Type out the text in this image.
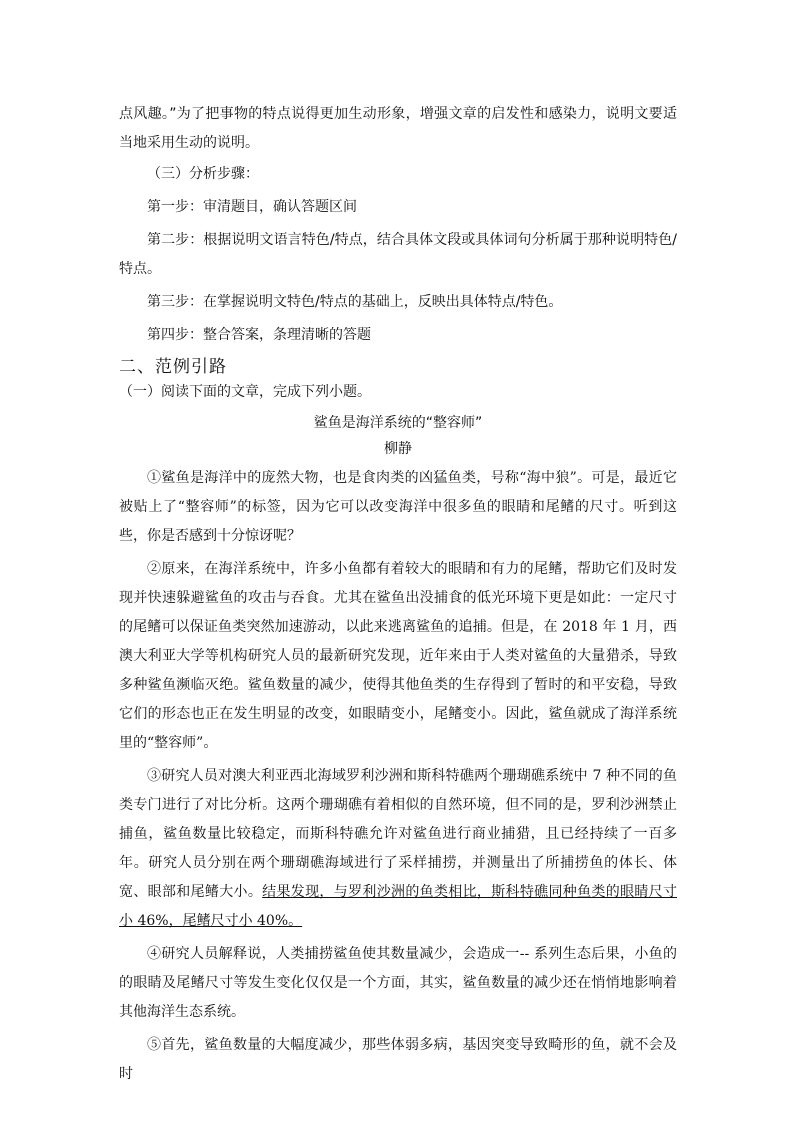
点风趣。”为了把事物的特点说得更加生动形象，增强文章的启发性和感染力，说明文要适当地采用生动的说明。

（三）分析步骤：

第一步：审清题目，确认答题区间

第二步：根据说明文语言特色/特点，结合具体文段或具体词句分析属于那种说明特色/特点。

第三步：在掌握说明文特色/特点的基础上，反映出具体特点/特色。

第四步：整合答案，条理清晰的答题

二、范例引路

（一）阅读下面的文章，完成下列小题。

鲨鱼是海洋系统的“整容师”

柳静

①鲨鱼是海洋中的庞然大物，也是食肉类的凶猛鱼类，号称“海中狼”。可是，最近它被贴上了“整容师”的标签，因为它可以改变海洋中很多鱼的眼睛和尾鳍的尺寸。听到这些，你是否感到十分惊讶呢？

②原来，在海洋系统中，许多小鱼都有着较大的眼睛和有力的尾鳍，帮助它们及时发现并快速躲避鲨鱼的攻击与吞食。尤其在鲨鱼出没捕食的低光环境下更是如此：一定尺寸的尾鳍可以保证鱼类突然加速游动，以此来逃离鲨鱼的追捕。但是，在 2018 年 1 月，西澳大利亚大学等机构研究人员的最新研究发现，近年来由于人类对鲨鱼的大量猎杀，导致多种鲨鱼濒临灭绝。鲨鱼数量的减少，使得其他鱼类的生存得到了暂时的和平安稳，导致它们的形态也正在发生明显的改变，如眼睛变小，尾鳍变小。因此，鲨鱼就成了海洋系统里的“整容师”。

③研究人员对澳大利亚西北海域罗利沙洲和斯科特礁两个珊瑚礁系统中 7 种不同的鱼类专门进行了对比分析。这两个珊瑚礁有着相似的自然环境，但不同的是，罗利沙洲禁止捕鱼，鲨鱼数量比较稳定，而斯科特礁允许对鲨鱼进行商业捕猎，且已经持续了一百多年。研究人员分别在两个珊瑚礁海域进行了采样捕捞，并测量出了所捕捞鱼的体长、体宽、眼部和尾鳍大小。结果发现，与罗利沙洲的鱼类相比，斯科特礁同种鱼类的眼睛尺寸小 46%，尾鳍尺寸小 40%。

④研究人员解释说，人类捕捞鲨鱼使其数量减少，会造成一-- 系列生态后果，小鱼的的眼睛及尾鳍尺寸等发生变化仅仅是一个方面，其实，鲨鱼数量的减少还在悄悄地影响着其他海洋生态系统。

⑤首先，鲨鱼数量的大幅度减少，那些体弱多病，基因突变导致畸形的鱼，就不会及时
